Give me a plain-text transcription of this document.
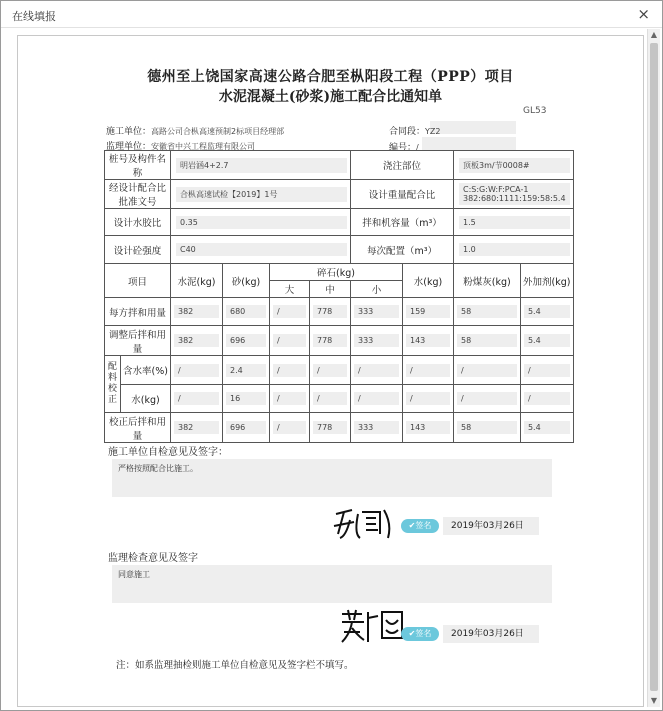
在线填报	×
▲
▼
德州至上饶国家高速公路合肥至枞阳段工程（PPP）项目
水泥混凝土(砂浆)施工配合比通知单
GL53
施工单位：高路公司合枞高速预制2标项目经理部	合同段：YZ2
监理单位：安徽省中兴工程监理有限公司	编号：/
桩号及构件名称		明岩涵4+2.7				浇注部位		顶板3m/节0008#	

经设计配合比批准文号		合枞高速试检【2019】1号				设计重量配合比		C:S:G:W:F:PCA-1
382:680:1111:159:58:5.4	

设计水胶比		0.35				拌和机容量（m³）		1.5	

设计砼强度		C40				每次配置（m³）		1.0	

项目		水泥(kg)	砂(kg)	碎石(kg)			水(kg)	粉煤灰(kg)	外加剂(kg)
				大	中	小			
每方拌和用量		382	680	/	778	333	159	58	5.4

调整后拌和用量		382	696	/	778	333	143	58	5.4

配料校正	含水率(%)	/	2.4	/	/	/	/	/	/

	水(kg)	/	16	/	/	/	/	/	/

校正后拌和用量		382	696	/	778	333	143	58	5.4
施工单位自检意见及签字：
严格按照配合比施工。
✔签名	2019年03月26日
监理检查意见及签字
同意施工
✔签名	2019年03月26日
注：如系监理抽检则施工单位自检意见及签字栏不填写。
